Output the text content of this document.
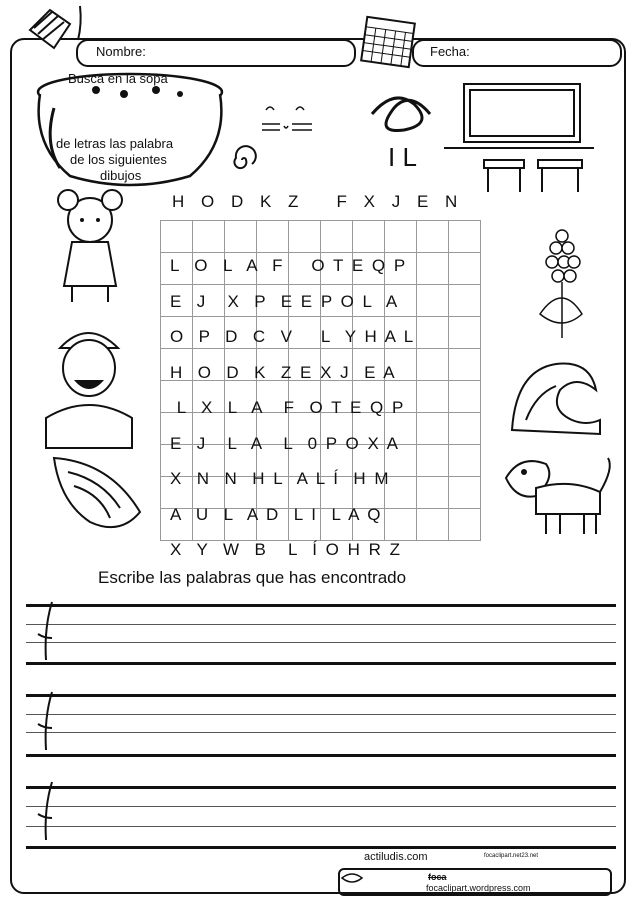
Nombre:	Fecha:
Busca en la sopa
de letras las palabra
de los siguientes
dibujos
I L
H O D K Z   F X J E N

L  O  L  A  F    O T E Q P
E  J   X  P  E E P O L  A
O  P  D  C  V    L  Y H A L
H  O  D  K  Z E X J  E A
L  X  L  A   F  O T E Q P
E  J   L  A   L  0 P O X A
X  N  N  H L  A L Í  H M
A  U  L  A D  L I  L A Q
X  Y  W  B   L  Í O H R Z
Escribe las palabras que has encontrado
actiludis.com	focaclipart.net23.net
foca
focaclipart.wordpress.com
